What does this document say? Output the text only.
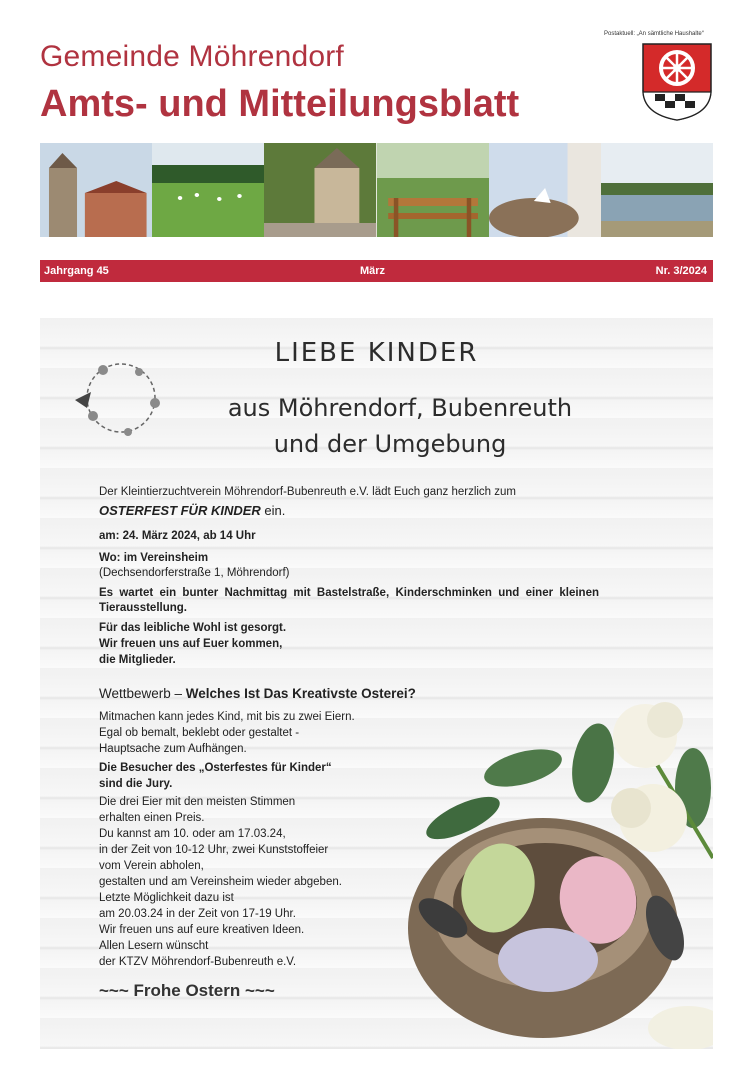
Postaktuell: „An sämtliche Haushalte“
Gemeinde Möhrendorf
Amts- und Mitteilungsblatt
Jahrgang 45	März	Nr. 3/2024
LIEBE KINDER
aus Möhrendorf, Bubenreuth
und der Umgebung
Der Kleintierzuchtverein Möhrendorf-Bubenreuth e.V. lädt Euch ganz herzlich zum
OSTERFEST FÜR KINDER ein.
am: 24. März 2024, ab 14 Uhr
Wo: im Vereinsheim
(Dechsendorferstraße 1, Möhrendorf)
Es wartet ein bunter Nachmittag mit Bastelstraße, Kinderschminken und einer kleinen Tierausstellung.
Für das leibliche Wohl ist gesorgt.
Wir freuen uns auf Euer kommen,
die Mitglieder.
Wettbewerb – Welches Ist Das Kreativste Osterei?
Mitmachen kann jedes Kind, mit bis zu zwei Eiern.
Egal ob bemalt, beklebt oder gestaltet -
Hauptsache zum Aufhängen.
Die Besucher des „Osterfestes für Kinder“
sind die Jury.
Die drei Eier mit den meisten Stimmen
erhalten einen Preis.
Du kannst am 10. oder am 17.03.24,
in der Zeit von 10-12 Uhr, zwei Kunststoffeier
vom Verein abholen,
gestalten und am Vereinsheim wieder abgeben.
Letzte Möglichkeit dazu ist
am 20.03.24 in der Zeit von 17-19 Uhr.
Wir freuen uns auf eure kreativen Ideen.
Allen Lesern wünscht
der KTZV Möhrendorf-Bubenreuth e.V.
~~~ Frohe Ostern ~~~
